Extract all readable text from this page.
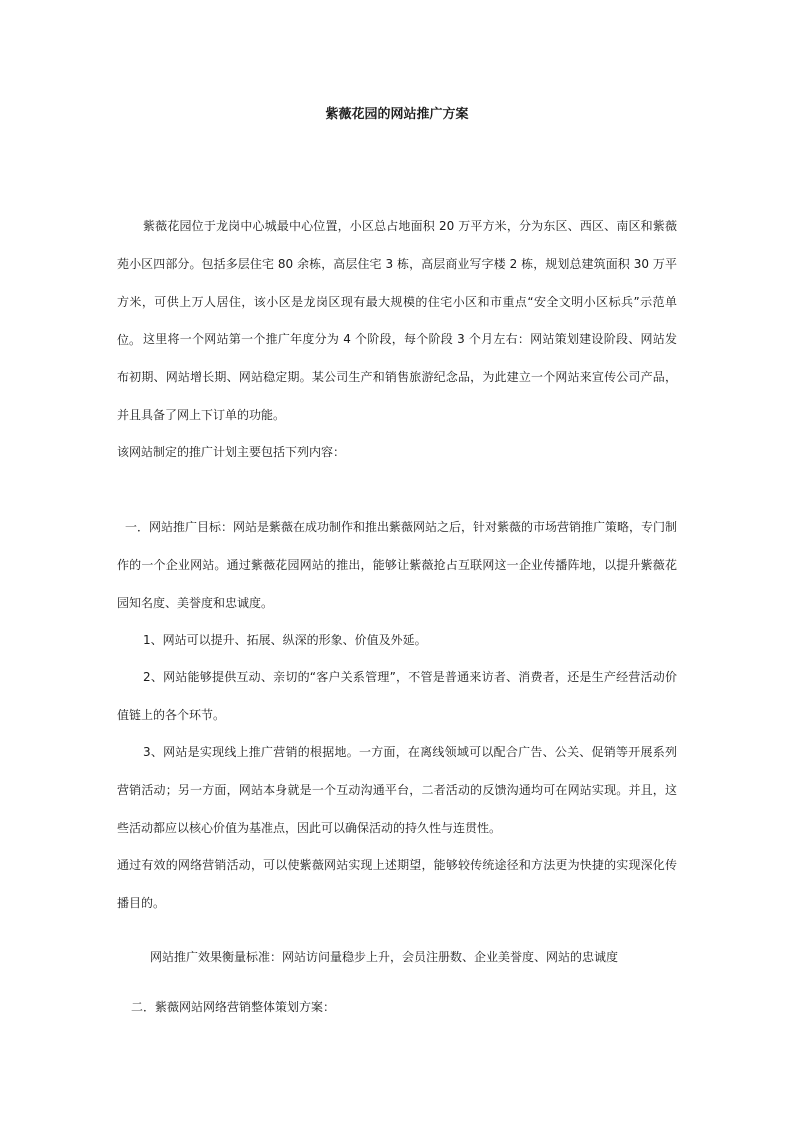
紫薇花园的网站推广方案

紫薇花园位于龙岗中心城最中心位置，小区总占地面积 20 万平方米，分为东区、西区、南区和紫薇苑小区四部分。包括多层住宅 80 余栋，高层住宅 3 栋，高层商业写字楼 2 栋，规划总建筑面积 30 万平方米，可供上万人居住，该小区是龙岗区现有最大规模的住宅小区和市重点“安全文明小区标兵”示范单位。 这里将一个网站第一个推广年度分为 4 个阶段，每个阶段 3 个月左右：网站策划建设阶段、网站发布初期、网站增长期、网站稳定期。某公司生产和销售旅游纪念品，为此建立一个网站来宣传公司产品，并且具备了网上下订单的功能。

该网站制定的推广计划主要包括下列内容：

一．网站推广目标：网站是紫薇在成功制作和推出紫薇网站之后，针对紫薇的市场营销推广策略，专门制作的一个企业网站。通过紫薇花园网站的推出，能够让紫薇抢占互联网这一企业传播阵地，以提升紫薇花园知名度、美誉度和忠诚度。

1、网站可以提升、拓展、纵深的形象、价值及外延。

2、网站能够提供互动、亲切的“客户关系管理”，不管是普通来访者、消费者，还是生产经营活动价值链上的各个环节。

3、网站是实现线上推广营销的根据地。一方面，在离线领域可以配合广告、公关、促销等开展系列营销活动；另一方面，网站本身就是一个互动沟通平台，二者活动的反馈沟通均可在网站实现。并且，这些活动都应以核心价值为基准点，因此可以确保活动的持久性与连贯性。

通过有效的网络营销活动，可以使紫薇网站实现上述期望，能够较传统途径和方法更为快捷的实现深化传播目的。

网站推广效果衡量标准：网站访问量稳步上升，会员注册数、企业美誉度、网站的忠诚度
二．紫薇网站网络营销整体策划方案：
